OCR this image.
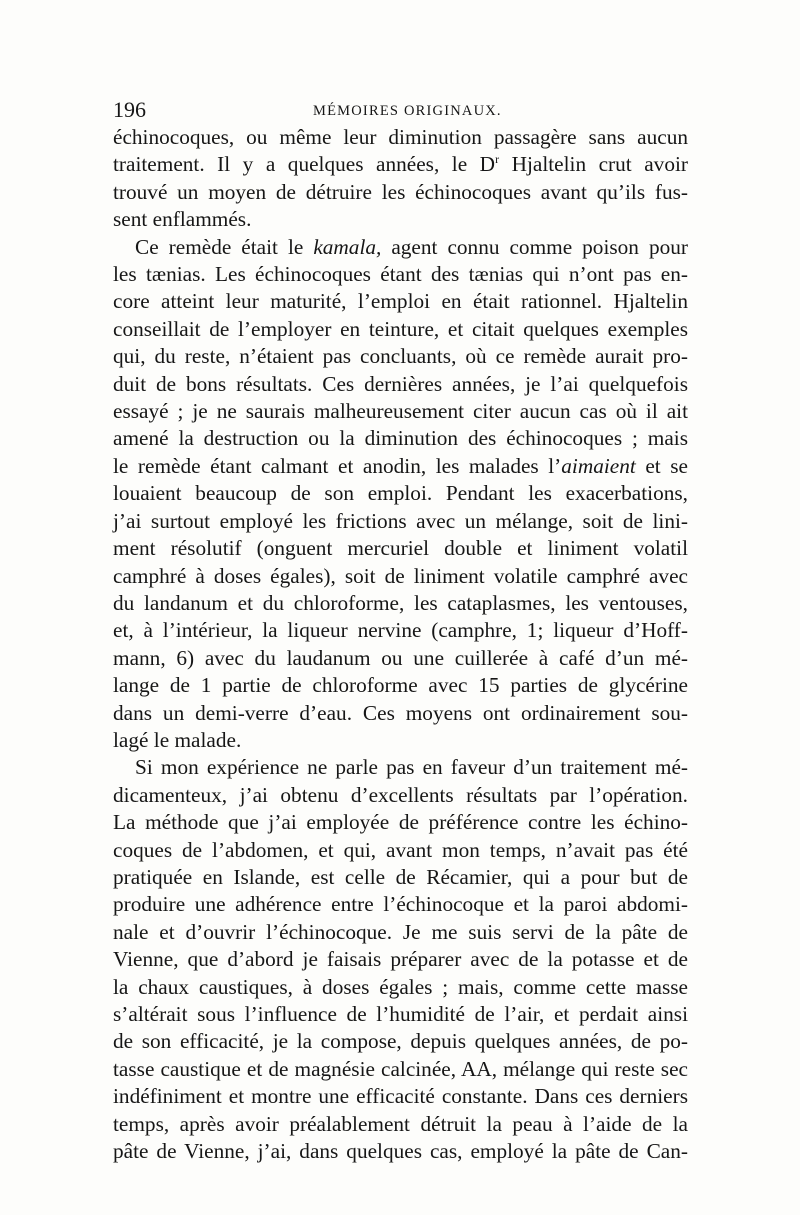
196	MÉMOIRES ORIGINAUX.
échinocoques, ou même leur diminution passagère sans aucun
traitement. Il y a quelques années, le $D^r$ Hjaltelin crut avoir
trouvé un moyen de détruire les échinocoques avant qu’ils fus-
sent enflammés.
Ce remède était le kamala, agent connu comme poison pour
les tænias. Les échinocoques étant des tænias qui n’ont pas en-
core atteint leur maturité, l’emploi en était rationnel. Hjaltelin
conseillait de l’employer en teinture, et citait quelques exemples
qui, du reste, n’étaient pas concluants, où ce remède aurait pro-
duit de bons résultats. Ces dernières années, je l’ai quelquefois
essayé ; je ne saurais malheureusement citer aucun cas où il ait
amené la destruction ou la diminution des échinocoques ; mais
le remède étant calmant et anodin, les malades l’aimaient et se
louaient beaucoup de son emploi. Pendant les exacerbations,
j’ai surtout employé les frictions avec un mélange, soit de lini-
ment résolutif (onguent mercuriel double et liniment volatil
camphré à doses égales), soit de liniment volatile camphré avec
du landanum et du chloroforme, les cataplasmes, les ventouses,
et, à l’intérieur, la liqueur nervine (camphre, 1; liqueur d’Hoff-
mann, 6) avec du laudanum ou une cuillerée à café d’un mé-
lange de 1 partie de chloroforme avec 15 parties de glycérine
dans un demi-verre d’eau. Ces moyens ont ordinairement sou-
lagé le malade.
Si mon expérience ne parle pas en faveur d’un traitement mé-
dicamenteux, j’ai obtenu d’excellents résultats par l’opération.
La méthode que j’ai employée de préférence contre les échino-
coques de l’abdomen, et qui, avant mon temps, n’avait pas été
pratiquée en Islande, est celle de Récamier, qui a pour but de
produire une adhérence entre l’échinocoque et la paroi abdomi-
nale et d’ouvrir l’échinocoque. Je me suis servi de la pâte de
Vienne, que d’abord je faisais préparer avec de la potasse et de
la chaux caustiques, à doses égales ; mais, comme cette masse
s’altérait sous l’influence de l’humidité de l’air, et perdait ainsi
de son efficacité, je la compose, depuis quelques années, de po-
tasse caustique et de magnésie calcinée, AA, mélange qui reste sec
indéfiniment et montre une efficacité constante. Dans ces derniers
temps, après avoir préalablement détruit la peau à l’aide de la
pâte de Vienne, j’ai, dans quelques cas, employé la pâte de Can-
